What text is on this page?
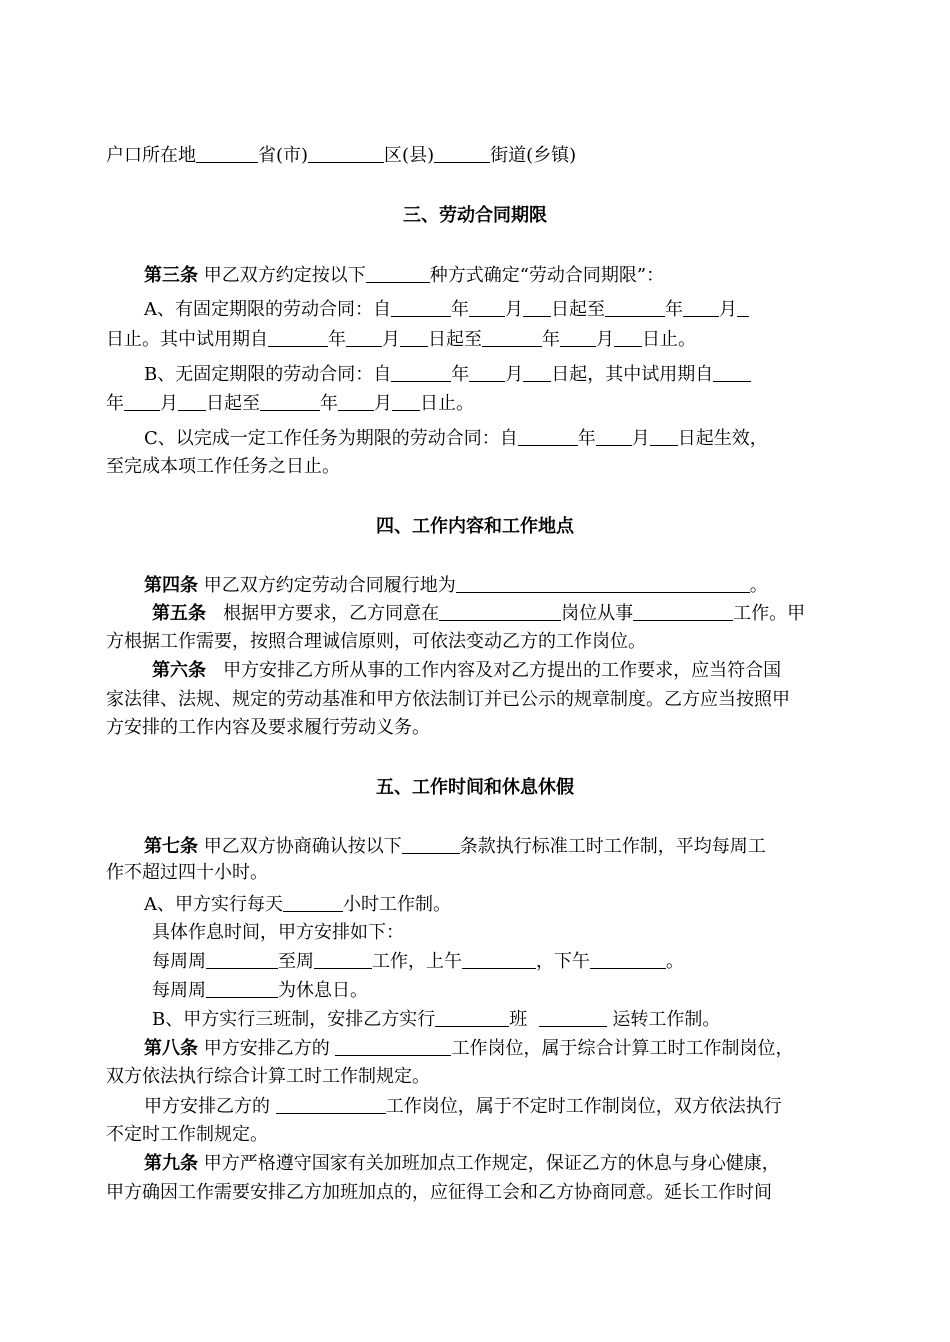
户口所在地	省(市)	区(县)	街道(乡镇)
三、劳动合同期限
第三条 甲乙双方约定按以下	种方式确定“劳动合同期限”：
A、有固定期限的劳动合同：自	年 月 日起至	年 月
日止。其中试用期自	年 月 日起至	年 月 日止。
B、无固定期限的劳动合同：自	年 月 日起，其中试用期自
年 月 日起至	年 月 日止。
C、以完成一定工作任务为期限的劳动合同：自	年 月 日起生效，
至完成本项工作任务之日止。
四、工作内容和工作地点
第四条 甲乙双方约定劳动合同履行地为	。
第五条 根据甲方要求，乙方同意在	岗位从事	工作。甲
方根据工作需要，按照合理诚信原则，可依法变动乙方的工作岗位。
第六条 甲方安排乙方所从事的工作内容及对乙方提出的工作要求，应当符合国
家法律、法规、规定的劳动基准和甲方依法制订并已公示的规章制度。乙方应当按照甲
方安排的工作内容及要求履行劳动义务。
五、工作时间和休息休假
第七条 甲乙双方协商确认按以下	条款执行标准工时工作制，平均每周工
作不超过四十小时。
A、甲方实行每天	小时工作制。
具体作息时间，甲方安排如下：
每周周	至周	工作，上午	，下午	。
每周周	为休息日。
B、甲方实行三班制，安排乙方实行	班	运转工作制。
第八条 甲方安排乙方的	工作岗位，属于综合计算工时工作制岗位，
双方依法执行综合计算工时工作制规定。
甲方安排乙方的	工作岗位，属于不定时工作制岗位，双方依法执行
不定时工作制规定。
第九条 甲方严格遵守国家有关加班加点工作规定，保证乙方的休息与身心健康，
甲方确因工作需要安排乙方加班加点的，应征得工会和乙方协商同意。延长工作时间
